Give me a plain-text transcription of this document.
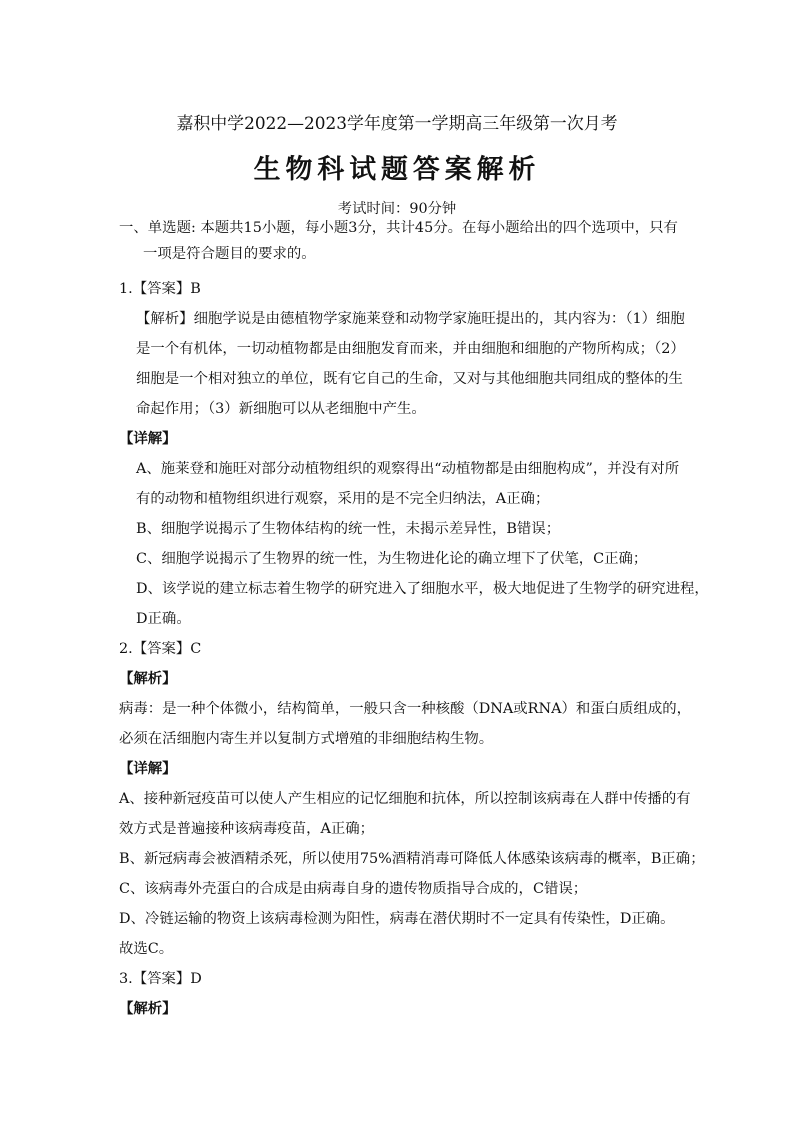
嘉积中学2022—2023学年度第一学期高三年级第一次月考
生物科试题答案解析
考试时间：90分钟
一、单选题: 本题共15小题，每小题3分，共计45分。在每小题给出的四个选项中，只有
一项是符合题目的要求的。
1.【答案】B
【解析】细胞学说是由德植物学家施莱登和动物学家施旺提出的，其内容为：（1）细胞
是一个有机体，一切动植物都是由细胞发育而来，并由细胞和细胞的产物所构成；（2）
细胞是一个相对独立的单位，既有它自己的生命，又对与其他细胞共同组成的整体的生
命起作用；（3）新细胞可以从老细胞中产生。
【详解】
A、施莱登和施旺对部分动植物组织的观察得出“动植物都是由细胞构成”，并没有对所
有的动物和植物组织进行观察，采用的是不完全归纳法，A正确；
B、细胞学说揭示了生物体结构的统一性，未揭示差异性，B错误；
C、细胞学说揭示了生物界的统一性，为生物进化论的确立埋下了伏笔，C正确；
D、该学说的建立标志着生物学的研究进入了细胞水平，极大地促进了生物学的研究进程，
D正确。
2.【答案】C
【解析】
病毒：是一种个体微小，结构简单，一般只含一种核酸（DNA或RNA）和蛋白质组成的，
必须在活细胞内寄生并以复制方式增殖的非细胞结构生物。
【详解】
A、接种新冠疫苗可以使人产生相应的记忆细胞和抗体，所以控制该病毒在人群中传播的有
效方式是普遍接种该病毒疫苗，A正确；
B、新冠病毒会被酒精杀死，所以使用75%酒精消毒可降低人体感染该病毒的概率，B正确；
C、该病毒外壳蛋白的合成是由病毒自身的遗传物质指导合成的，C错误；
D、冷链运输的物资上该病毒检测为阳性，病毒在潜伏期时不一定具有传染性，D正确。
故选C。
3.【答案】D
【解析】
